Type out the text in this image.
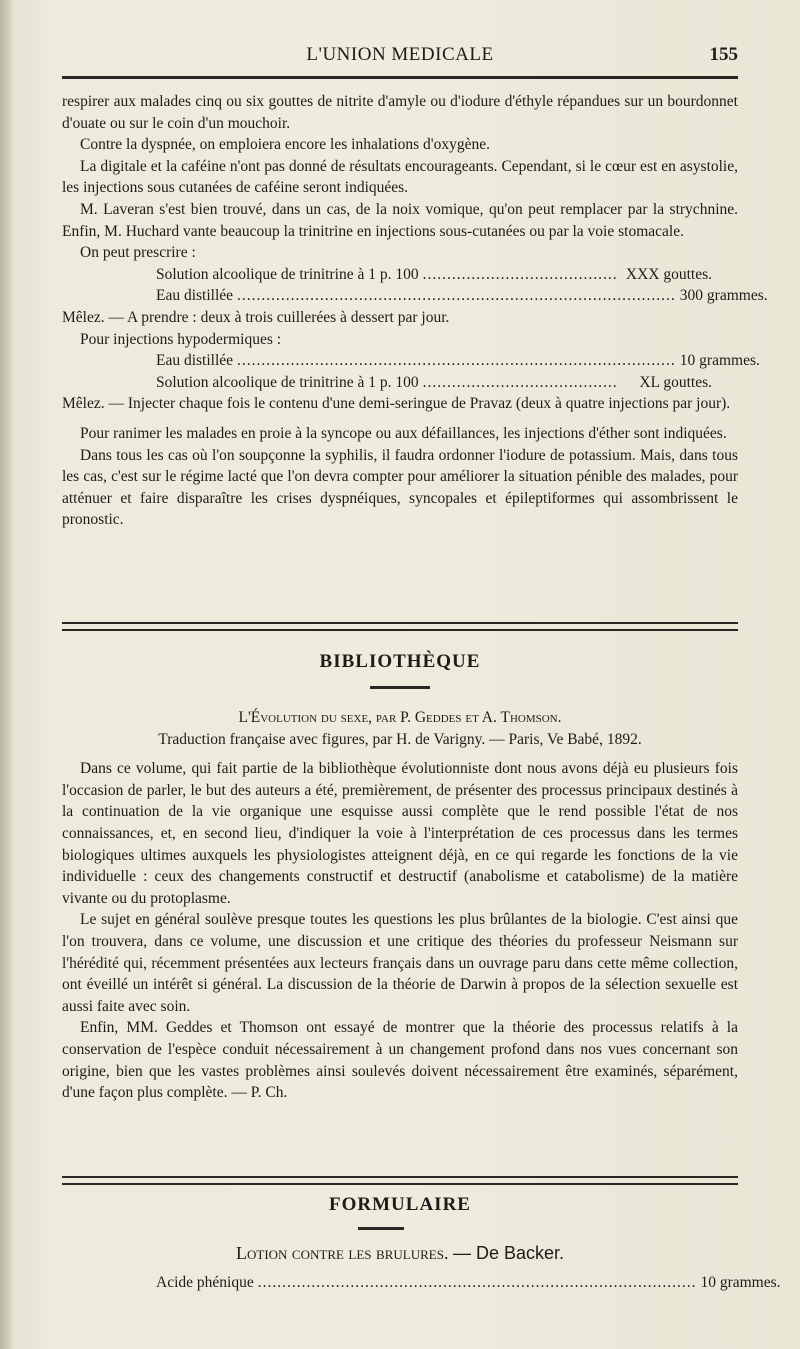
L'UNION MEDICALE	155

respirer aux malades cinq ou six gouttes de nitrite d'amyle ou d'iodure d'éthyle répandues sur un bourdonnet d'ouate ou sur le coin d'un mouchoir.

Contre la dyspnée, on emploiera encore les inhalations d'oxygène.

La digitale et la caféine n'ont pas donné de résultats encourageants. Cependant, si le cœur est en asystolie, les injections sous cutanées de caféine seront indiquées.

M. Laveran s'est bien trouvé, dans un cas, de la noix vomique, qu'on peut remplacer par la strychnine. Enfin, M. Huchard vante beaucoup la trinitrine en injections sous-cutanées ou par la voie stomacale.

On peut prescrire :

Solution alcoolique de trinitrine à 1 p. 100 ........................................ XXX gouttes.
Eau distillée .......................................................................................... 300 grammes.

Mêlez. — A prendre : deux à trois cuillerées à dessert par jour.

Pour injections hypodermiques :

Eau distillée .......................................................................................... 10 grammes.
Solution alcoolique de trinitrine à 1 p. 100 ........................................	XL gouttes.

Mêlez. — Injecter chaque fois le contenu d'une demi-seringue de Pravaz (deux à quatre injections par jour).

Pour ranimer les malades en proie à la syncope ou aux défaillances, les injections d'éther sont indiquées.

Dans tous les cas où l'on soupçonne la syphilis, il faudra ordonner l'iodure de potassium. Mais, dans tous les cas, c'est sur le régime lacté que l'on devra compter pour améliorer la situation pénible des malades, pour atténuer et faire disparaître les crises dyspnéiques, syncopales et épileptiformes qui assombrissent le pronostic.

BIBLIOTHÈQUE

L'Évolution du sexe, par P. Geddes et A. Thomson.

Traduction française avec figures, par H. de Varigny. — Paris, Ve Babé, 1892.

Dans ce volume, qui fait partie de la bibliothèque évolutionniste dont nous avons déjà eu plusieurs fois l'occasion de parler, le but des auteurs a été, premièrement, de présenter des processus principaux destinés à la continuation de la vie organique une esquisse aussi complète que le rend possible l'état de nos connaissances, et, en second lieu, d'indiquer la voie à l'interprétation de ces processus dans les termes biologiques ultimes auxquels les physiologistes atteignent déjà, en ce qui regarde les fonctions de la vie individuelle : ceux des changements constructif et destructif (anabolisme et catabolisme) de la matière vivante ou du protoplasme.

Le sujet en général soulève presque toutes les questions les plus brûlantes de la biologie. C'est ainsi que l'on trouvera, dans ce volume, une discussion et une critique des théories du professeur Neismann sur l'hérédité qui, récemment présentées aux lecteurs français dans un ouvrage paru dans cette même collection, ont éveillé un intérêt si général. La discussion de la théorie de Darwin à propos de la sélection sexuelle est aussi faite avec soin.

Enfin, MM. Geddes et Thomson ont essayé de montrer que la théorie des processus relatifs à la conservation de l'espèce conduit nécessairement à un changement profond dans nos vues concernant son origine, bien que les vastes problèmes ainsi soulevés doivent nécessairement être examinés, séparément, d'une façon plus complète. — P. Ch.

FORMULAIRE
Lotion contre les brulures. — De Backer.
Acide phénique .......................................................................................... 10 grammes.
